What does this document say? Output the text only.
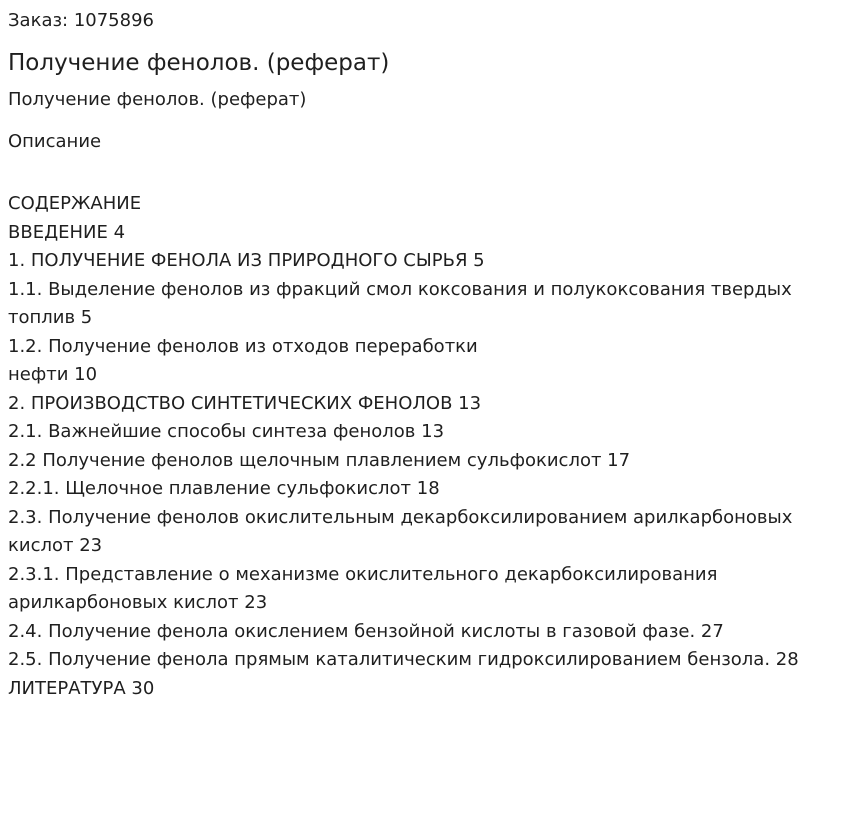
Заказ: 1075896

Получение фенолов. (реферат)

Получение фенолов. (реферат)

Описание

СОДЕРЖАНИЕ
ВВЕДЕНИЕ 4
1. ПОЛУЧЕНИЕ ФЕНОЛА ИЗ ПРИРОДНОГО СЫРЬЯ 5
1.1. Выделение фенолов из фракций смол коксования и полукоксования твердых топлив 5
1.2. Получение фенолов из отходов переработки
нефти 10
2. ПРОИЗВОДСТВО СИНТЕТИЧЕСКИХ ФЕНОЛОВ 13
2.1. Важнейшие способы синтеза фенолов 13
2.2 Получение фенолов щелочным плавлением сульфокислот 17
2.2.1. Щелочное плавление сульфокислот 18
2.3. Получение фенолов окислительным декарбоксилированием арилкарбоновых кислот 23
2.3.1. Представление о механизме окислительного декарбоксилирования арилкарбоновых кислот 23
2.4. Получение фенола окислением бензойной кислоты в газовой фазе. 27
2.5. Получение фенола прямым каталитическим гидроксилированием бензола. 28
ЛИТЕРАТУРА 30
